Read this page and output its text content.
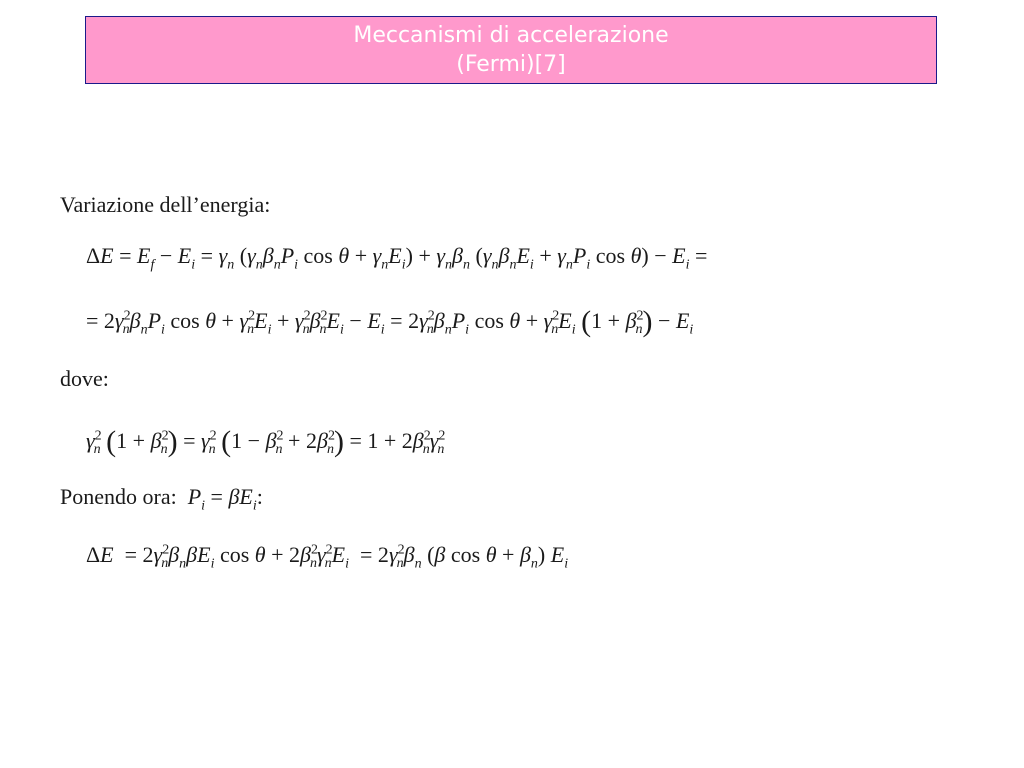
Meccanismi di accelerazione
(Fermi)[7]
Variazione dell’energia:
$\Delta E = E_f - E_i = \gamma_n$ ($\gamma_n\beta_nP_i$ $\cos \theta + \gamma_nE_i) + \gamma_n\beta_n$ ($\gamma_n\beta_nE_i + \gamma_nP_i$ $\cos \theta) - E_i$ =
= $2\gamma^2_n\beta_nP_i$ $\cos \theta + \gamma^2_nE_i + \gamma^2_n\beta^2_nE_i - E_i = 2\gamma^2_n\beta_nP_i$ $\cos \theta + \gamma^2_nE_i$ $(1 + \beta^2_n) - E_i$
dove:
$\gamma^2_n$ $(1 + \beta^2_n) = \gamma^2_n$ $(1 - \beta^2_n + 2\beta^2_n) = 1 + 2\beta^2_n\gamma^2_n$
Ponendo ora: $P_i = \beta E_i$:
$\Delta E = 2\gamma^2_n\beta_n\beta E_i$ $\cos \theta + 2\beta^2_n\gamma^2_nE_i = 2\gamma^2_n\beta_n$ (β $\cos \theta + \beta_n$) $E_i$
